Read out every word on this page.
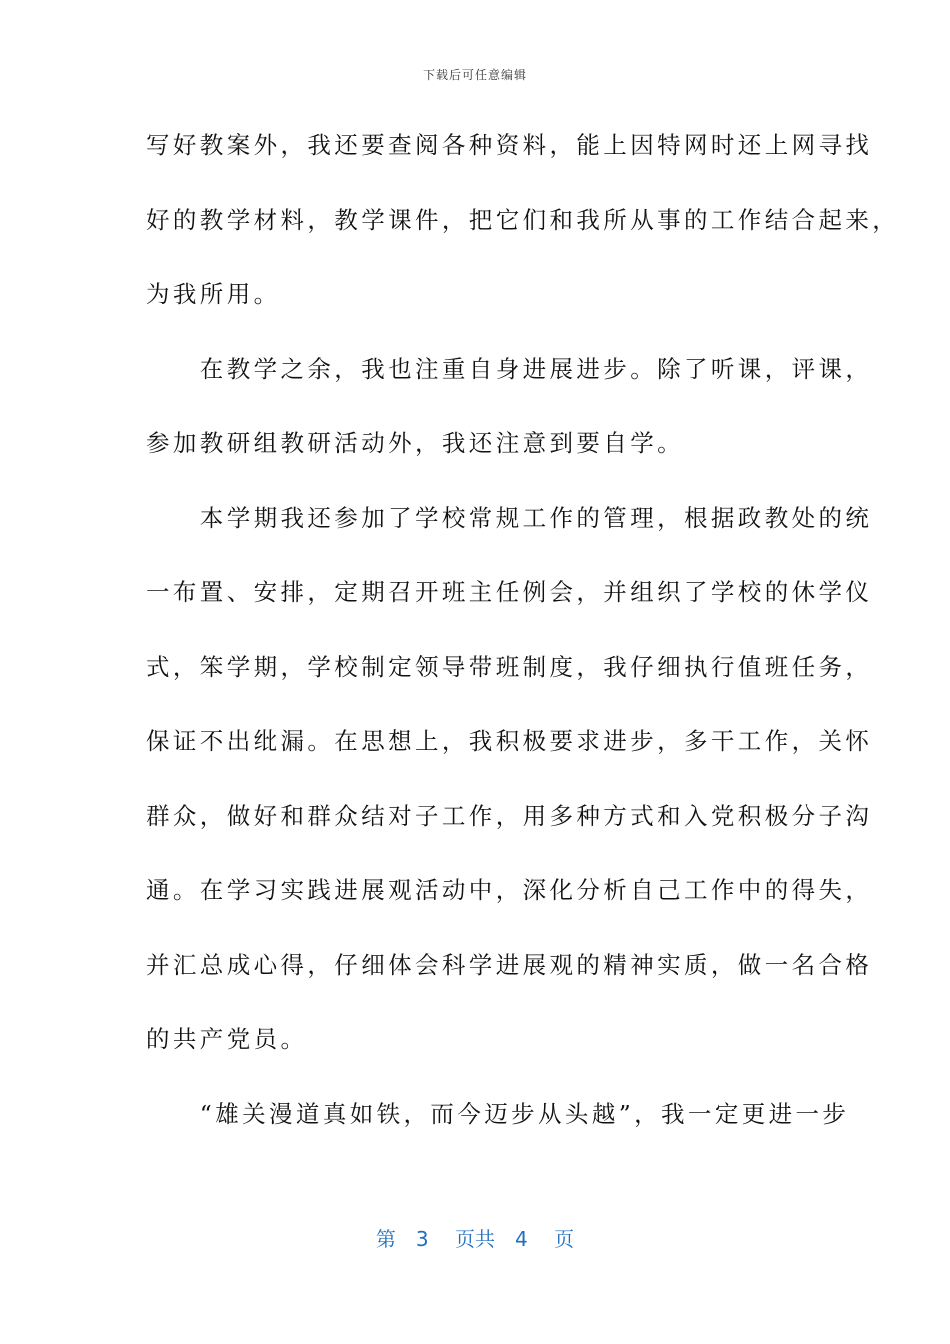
下载后可任意编辑
写好教案外，我还要查阅各种资料，能上因特网时还上网寻找
好的教学材料，教学课件，把它们和我所从事的工作结合起来，
为我所用。
　　在教学之余，我也注重自身进展进步。除了听课，评课，
参加教研组教研活动外，我还注意到要自学。
　　本学期我还参加了学校常规工作的管理，根据政教处的统
一布置、安排，定期召开班主任例会，并组织了学校的休学仪
式，笨学期，学校制定领导带班制度，我仔细执行值班任务，
保证不出纰漏。在思想上，我积极要求进步，多干工作，关怀
群众，做好和群众结对子工作，用多种方式和入党积极分子沟
通。在学习实践进展观活动中，深化分析自己工作中的得失，
并汇总成心得，仔细体会科学进展观的精神实质，做一名合格
的共产党员。
　　“雄关漫道真如铁，而今迈步从头越”，我一定更进一步
第　3　 页共　4　 页
